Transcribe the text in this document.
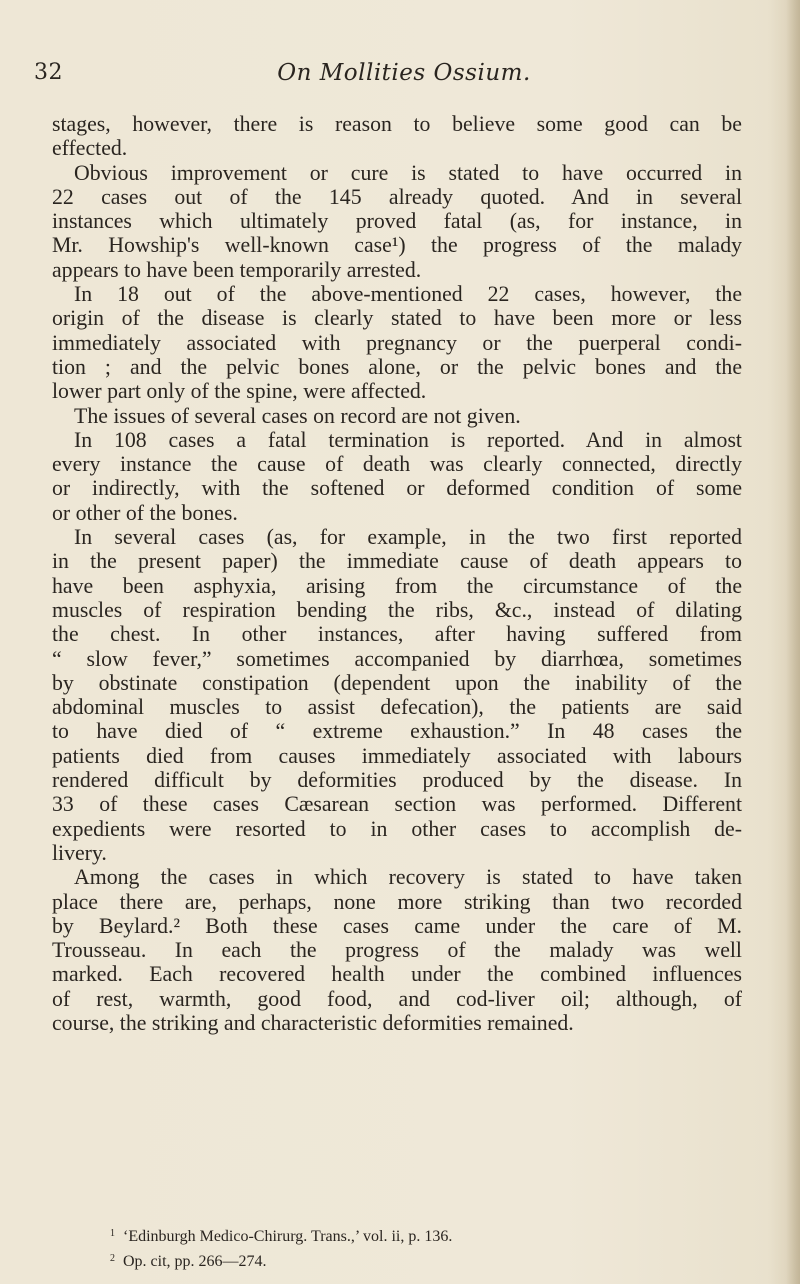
32	On Mollities Ossium.
stages, however, there is reason to believe some good can be
effected.
Obvious improvement or cure is stated to have occurred in
22 cases out of the 145 already quoted. And in several
instances which ultimately proved fatal (as, for instance, in
Mr. Howship's well-known case¹) the progress of the malady
appears to have been temporarily arrested.
In 18 out of the above-mentioned 22 cases, however, the
origin of the disease is clearly stated to have been more or less
immediately associated with pregnancy or the puerperal condi-
tion ; and the pelvic bones alone, or the pelvic bones and the
lower part only of the spine, were affected.
The issues of several cases on record are not given.
In 108 cases a fatal termination is reported. And in almost
every instance the cause of death was clearly connected, directly
or indirectly, with the softened or deformed condition of some
or other of the bones.
In several cases (as, for example, in the two first reported
in the present paper) the immediate cause of death appears to
have been asphyxia, arising from the circumstance of the
muscles of respiration bending the ribs, &c., instead of dilating
the chest. In other instances, after having suffered from
“ slow fever,” sometimes accompanied by diarrhœa, sometimes
by obstinate constipation (dependent upon the inability of the
abdominal muscles to assist defecation), the patients are said
to have died of “ extreme exhaustion.” In 48 cases the
patients died from causes immediately associated with labours
rendered difficult by deformities produced by the disease. In
33 of these cases Cæsarean section was performed. Different
expedients were resorted to in other cases to accomplish de-
livery.
Among the cases in which recovery is stated to have taken
place there are, perhaps, none more striking than two recorded
by Beylard.² Both these cases came under the care of M.
Trousseau. In each the progress of the malady was well
marked. Each recovered health under the combined influences
of rest, warmth, good food, and cod-liver oil; although, of
course, the striking and characteristic deformities remained.
$^1$ ‘Edinburgh Medico-Chirurg. Trans.,’ vol. ii, p. 136.
$^2$ Op. cit, pp. 266—274.
